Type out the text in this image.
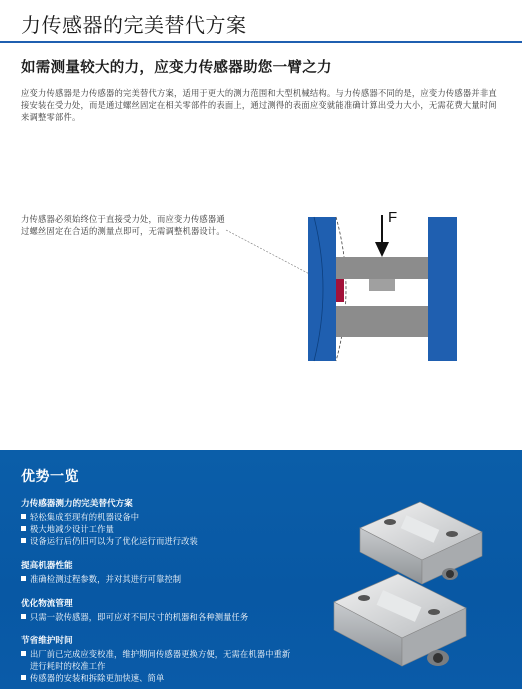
力传感器的完美替代方案
如需测量较大的力，应变力传感器助您一臂之力

应变力传感器是力传感器的完美替代方案，适用于更大的测力范围和大型机械结构。与力传感器不同的是，应变力传感器并非直接安装在受力处，而是通过螺丝固定在相关零部件的表面上，通过测得的表面应变就能准确计算出受力大小，无需花费大量时间来调整零部件。

力传感器必须始终位于直接受力处，而应变力传感器通过螺丝固定在合适的测量点即可，无需调整机器设计。

F
优势一览
力传感器测力的完美替代方案
轻松集成至现有的机器设备中
极大地减少设计工作量
设备运行后仍旧可以为了优化运行而进行改装
提高机器性能
准确检测过程参数，并对其进行可靠控制
优化物流管理
只需一款传感器，即可应对不同尺寸的机器和各种测量任务
节省维护时间
出厂前已完成应变校准，维护期间传感器更换方便，无需在机器中重新进行耗时的校准工作
传感器的安装和拆除更加快速、简单
